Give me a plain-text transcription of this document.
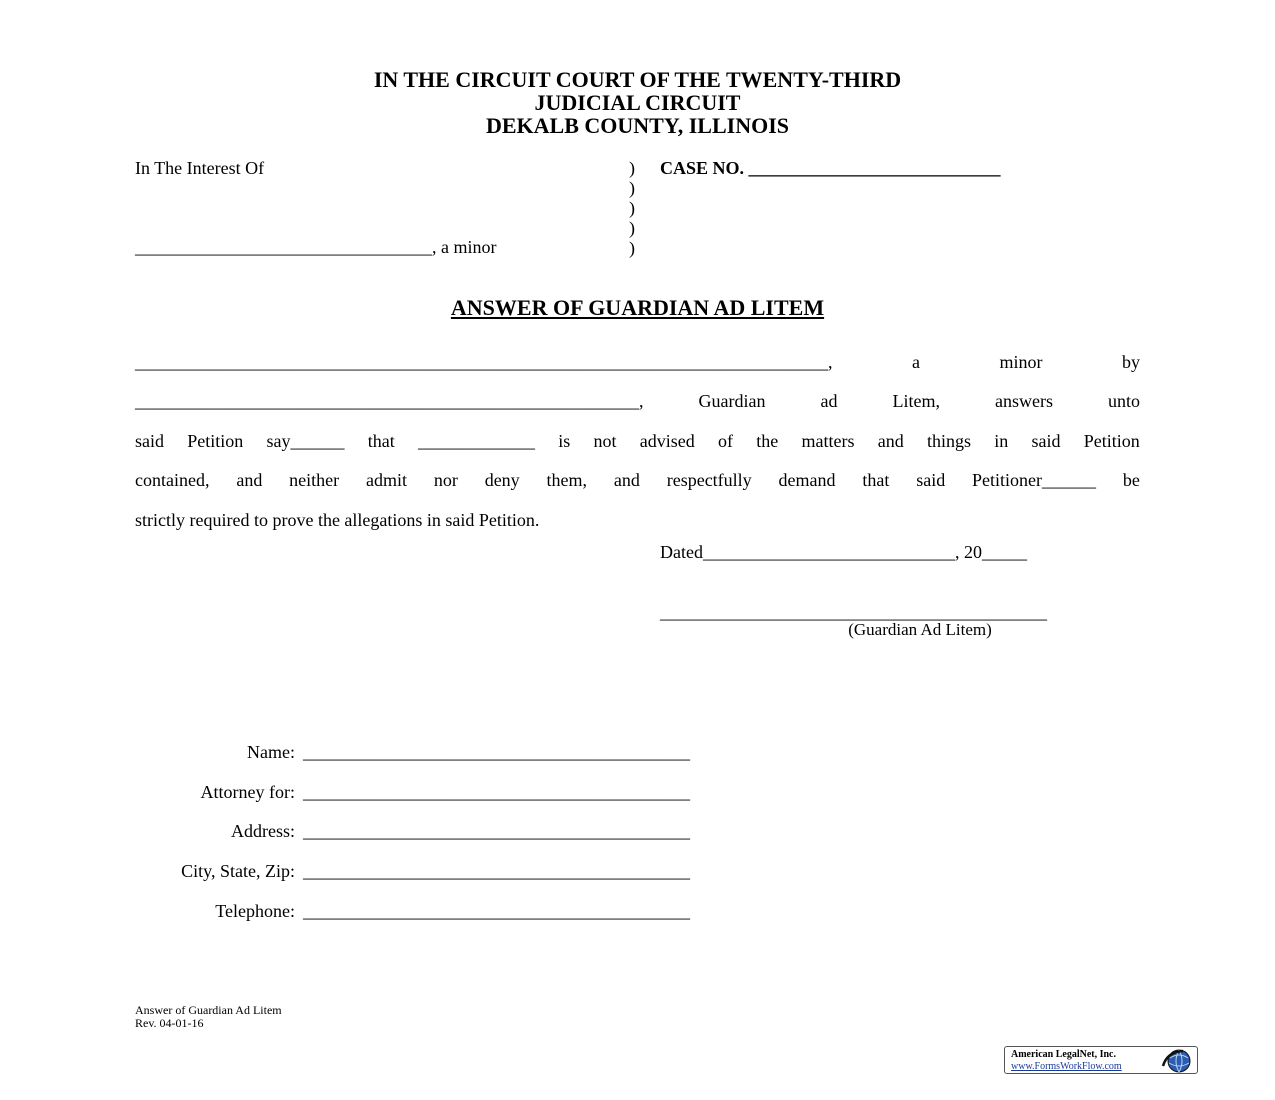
IN THE CIRCUIT COURT OF THE TWENTY-THIRD
JUDICIAL CIRCUIT
DEKALB COUNTY, ILLINOIS
In The Interest Of
_________________________________, a minor
)
)
)
)
)
CASE NO. ____________________________
ANSWER OF GUARDIAN AD LITEM
_____________________________________________________________________________,	a	minor	by
________________________________________________________,	Guardian	ad	Litem,	answers	unto
said Petition say______ that _____________ is not advised of the matters and things in said Petition
contained, and neither admit nor deny them, and respectfully demand that said Petitioner______ be
strictly required to prove the allegations in said Petition.
Dated____________________________, 20_____
___________________________________________
(Guardian Ad Litem)
Name: ___________________________________________
Attorney for: ___________________________________________
Address: ___________________________________________
City, State, Zip: ___________________________________________
Telephone: ___________________________________________
Answer of Guardian Ad Litem
Rev. 04-01-16
American LegalNet, Inc.
www.FormsWorkFlow.com
